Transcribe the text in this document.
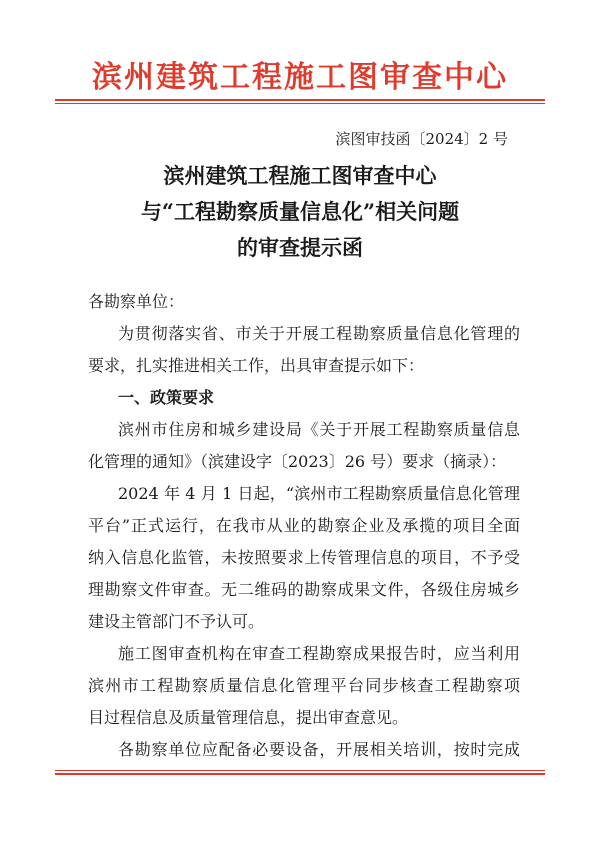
滨州建筑工程施工图审查中心
滨图审技函〔2024〕2 号
滨州建筑工程施工图审查中心
与“工程勘察质量信息化”相关问题
的审查提示函
各勘察单位：
为贯彻落实省、市关于开展工程勘察质量信息化管理的
要求，扎实推进相关工作，出具审查提示如下：
一、政策要求
滨州市住房和城乡建设局《关于开展工程勘察质量信息
化管理的通知》（滨建设字〔2023〕26 号）要求（摘录）：
2024 年 4 月 1 日起，“滨州市工程勘察质量信息化管理
平台”正式运行，在我市从业的勘察企业及承揽的项目全面
纳入信息化监管，未按照要求上传管理信息的项目，不予受
理勘察文件审查。无二维码的勘察成果文件，各级住房城乡
建设主管部门不予认可。
施工图审查机构在审查工程勘察成果报告时，应当利用
滨州市工程勘察质量信息化管理平台同步核查工程勘察项
目过程信息及质量管理信息，提出审查意见。
各勘察单位应配备必要设备，开展相关培训，按时完成
